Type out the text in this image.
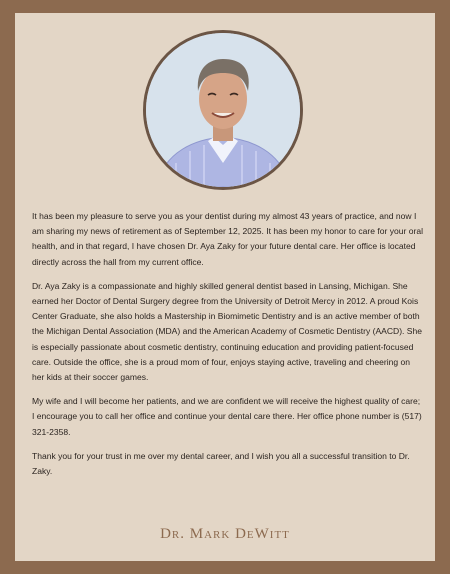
It has been my pleasure to serve you as your dentist during my almost 43 years of practice, and now I am sharing my news of retirement as of September 12, 2025. It has been my honor to care for your oral health, and in that regard, I have chosen Dr. Aya Zaky for your future dental care. Her office is located directly across the hall from my current office.

Dr. Aya Zaky is a compassionate and highly skilled general dentist based in Lansing, Michigan. She earned her Doctor of Dental Surgery degree from the University of Detroit Mercy in 2012. A proud Kois Center Graduate, she also holds a Mastership in Biomimetic Dentistry and is an active member of both the Michigan Dental Association (MDA) and the American Academy of Cosmetic Dentistry (AACD). She is especially passionate about cosmetic dentistry, continuing education and providing patient-focused care. Outside the office, she is a proud mom of four, enjoys staying active, traveling and cheering on her kids at their soccer games.

My wife and I will become her patients, and we are confident we will receive the highest quality of care; I encourage you to call her office and continue your dental care there. Her office phone number is (517) 321-2358.

Thank you for your trust in me over my dental career, and I wish you all a successful transition to Dr. Zaky.

Dr. Mark DeWitt
